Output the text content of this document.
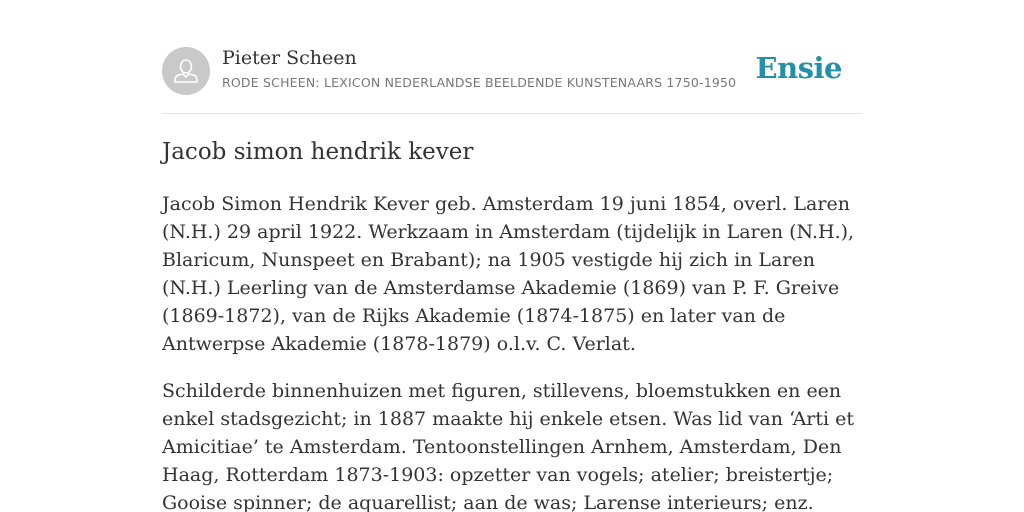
Pieter Scheen
RODE SCHEEN: LEXICON NEDERLANDSE BEELDENDE KUNSTENAARS 1750-1950 Ensie
Jacob simon hendrik kever

Jacob Simon Hendrik Kever geb. Amsterdam 19 juni 1854, overl. Laren (N.H.) 29 april 1922. Werkzaam in Amsterdam (tijdelijk in Laren (N.H.), Blaricum, Nunspeet en Brabant); na 1905 vestigde hij zich in Laren (N.H.) Leerling van de Amsterdamse Akademie (1869) van P. F. Greive (1869-1872), van de Rijks Akademie (1874-1875) en later van de Antwerpse Akademie (1878-1879) o.l.v. C. Verlat.

Schilderde binnenhuizen met figuren, stillevens, bloemstukken en een enkel stadsgezicht; in 1887 maakte hij enkele etsen. Was lid van ‘Arti et Amicitiae’ te Amsterdam. Tentoonstellingen Arnhem, Amsterdam, Den Haag, Rotterdam 1873-1903: opzetter van vogels; atelier; breistertje; Gooise spinner; de aquarellist; aan de was; Larense interieurs; enz.
